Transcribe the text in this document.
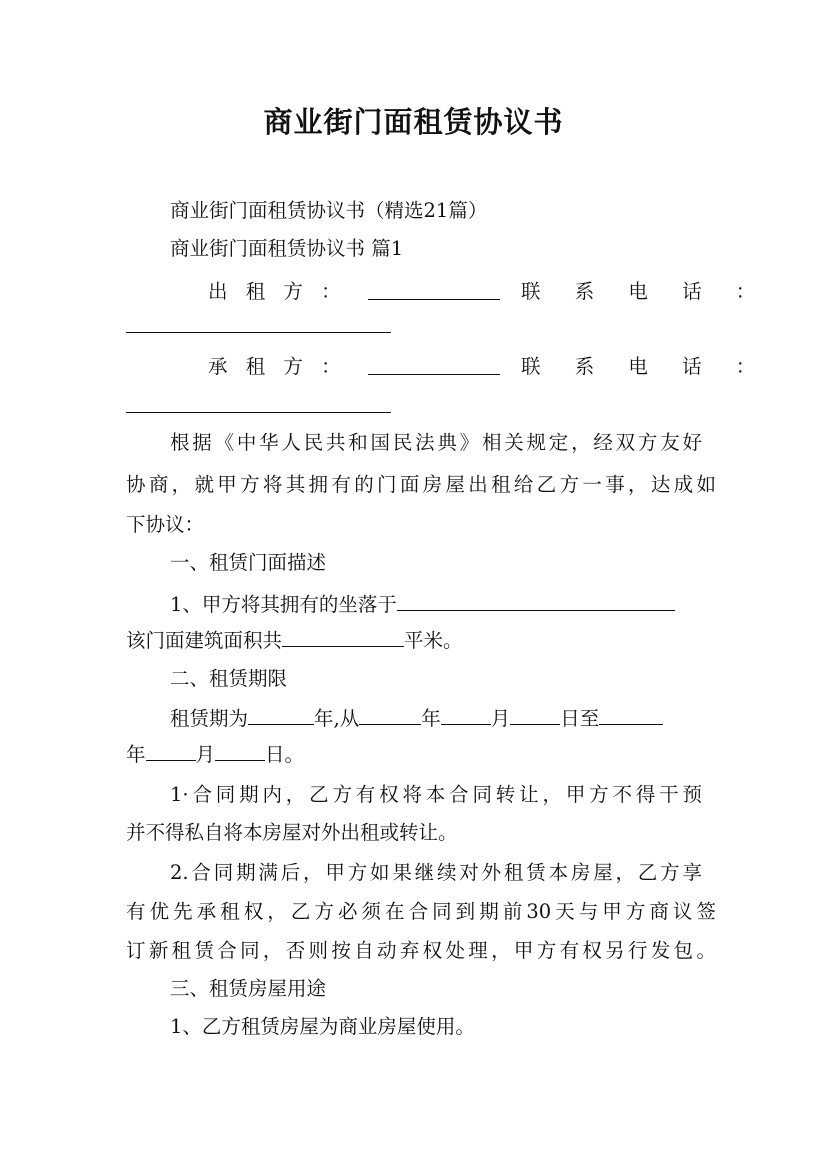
商业街门面租赁协议书
商业街门面租赁协议书（精选21篇）
商业街门面租赁协议书 篇1
出 租 方 ：	联 系 电 话 ：
承 租 方 ：	联 系 电 话 ：
根据《中华人民共和国民法典》相关规定，经双方友好
协商，就甲方将其拥有的门面房屋出租给乙方一事，达成如
下协议：
一、租赁门面描述
1、甲方将其拥有的坐落于
该门面建筑面积共	平米。
二、租赁期限
租赁期为	年,从	年	月	日至
年	月	日。
1·合同期内，乙方有权将本合同转让，甲方不得干预
并不得私自将本房屋对外出租或转让。
2.合同期满后，甲方如果继续对外租赁本房屋，乙方享
有优先承租权，乙方必须在合同到期前30天与甲方商议签
订新租赁合同，否则按自动弃权处理，甲方有权另行发包。
三、租赁房屋用途
1、乙方租赁房屋为商业房屋使用。
